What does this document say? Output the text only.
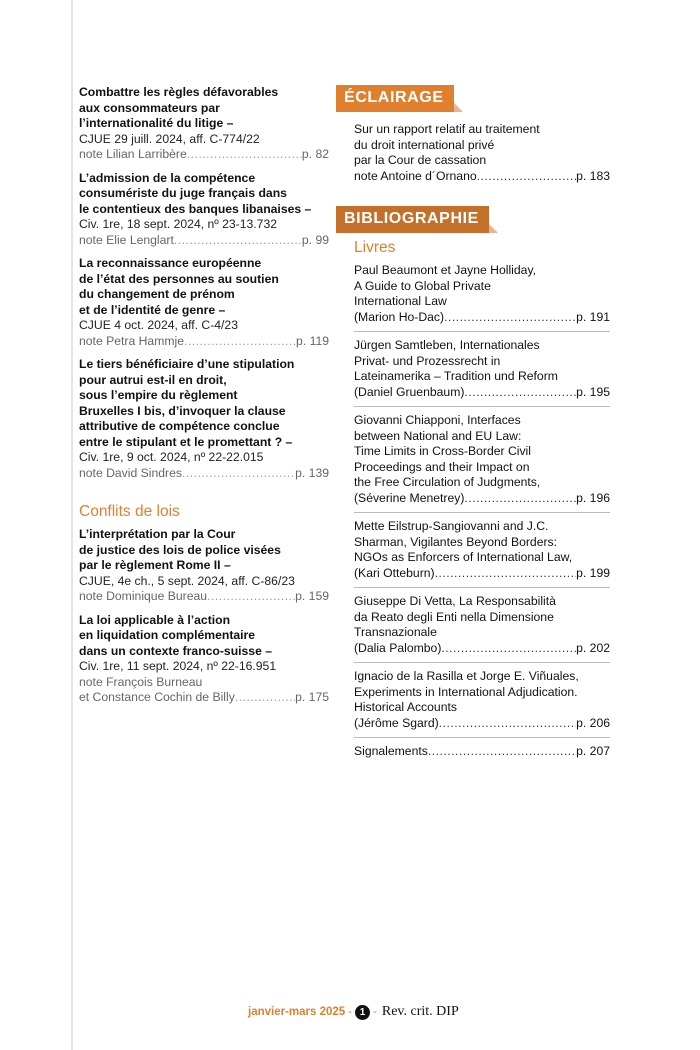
Combattre les règles défavorables
aux consommateurs par
l’internationalité du litige –
CJUE 29 juill. 2024, aff. C-774/22
note Lilian Larribère .....	p. 82
L’admission de la compétence
consumériste du juge français dans
le contentieux des banques libanaises –
Civ. 1re, 18 sept. 2024, nº 23-13.732
note Elie Lenglart .....	p. 99
La reconnaissance européenne
de l’état des personnes au soutien
du changement de prénom
et de l’identité de genre –
CJUE 4 oct. 2024, aff. C-4/23
note Petra Hammje .....	p. 119
Le tiers bénéficiaire d’une stipulation
pour autrui est-il en droit,
sous l’empire du règlement
Bruxelles I bis, d’invoquer la clause
attributive de compétence conclue
entre le stipulant et le promettant ? –
Civ. 1re, 9 oct. 2024, nº 22-22.015
note David Sindres .....	p. 139
Conflits de lois
L’interprétation par la Cour
de justice des lois de police visées
par le règlement Rome II –
CJUE, 4e ch., 5 sept. 2024, aff. C-86/23
note Dominique Bureau .....	p. 159
La loi applicable à l’action
en liquidation complémentaire
dans un contexte franco-suisse –
Civ. 1re, 11 sept. 2024, nº 22-16.951
note François Burneau
et Constance Cochin de Billy .....	p. 175
ÉCLAIRAGE
Sur un rapport relatif au traitement
du droit international privé
par la Cour de cassation
note Antoine d´Ornano .....	p. 183
BIBLIOGRAPHIE
Livres
Paul Beaumont et Jayne Holliday,
A Guide to Global Private
International Law
(Marion Ho-Dac) .....	p. 191
Jürgen Samtleben, Internationales
Privat- und Prozessrecht in
Lateinamerika – Tradition und Reform
(Daniel Gruenbaum) .....	p. 195
Giovanni Chiapponi, Interfaces
between National and EU Law:
Time Limits in Cross-Border Civil
Proceedings and their Impact on
the Free Circulation of Judgments,
(Séverine Menetrey) .....	p. 196
Mette Eilstrup-Sangiovanni and J.C.
Sharman, Vigilantes Beyond Borders:
NGOs as Enforcers of International Law,
(Kari Otteburn) .....	p. 199
Giuseppe Di Vetta, La Responsabilità
da Reato degli Enti nella Dimensione
Transnazionale
(Dalia Palombo) .....	p. 202
Ignacio de la Rasilla et Jorge E. Viñuales,
Experiments in International Adjudication.
Historical Accounts
(Jérôme Sgard) .....	p. 206
Signalements .....	p. 207
janvier-mars 2025 - 1 - Rev. crit. DIP
